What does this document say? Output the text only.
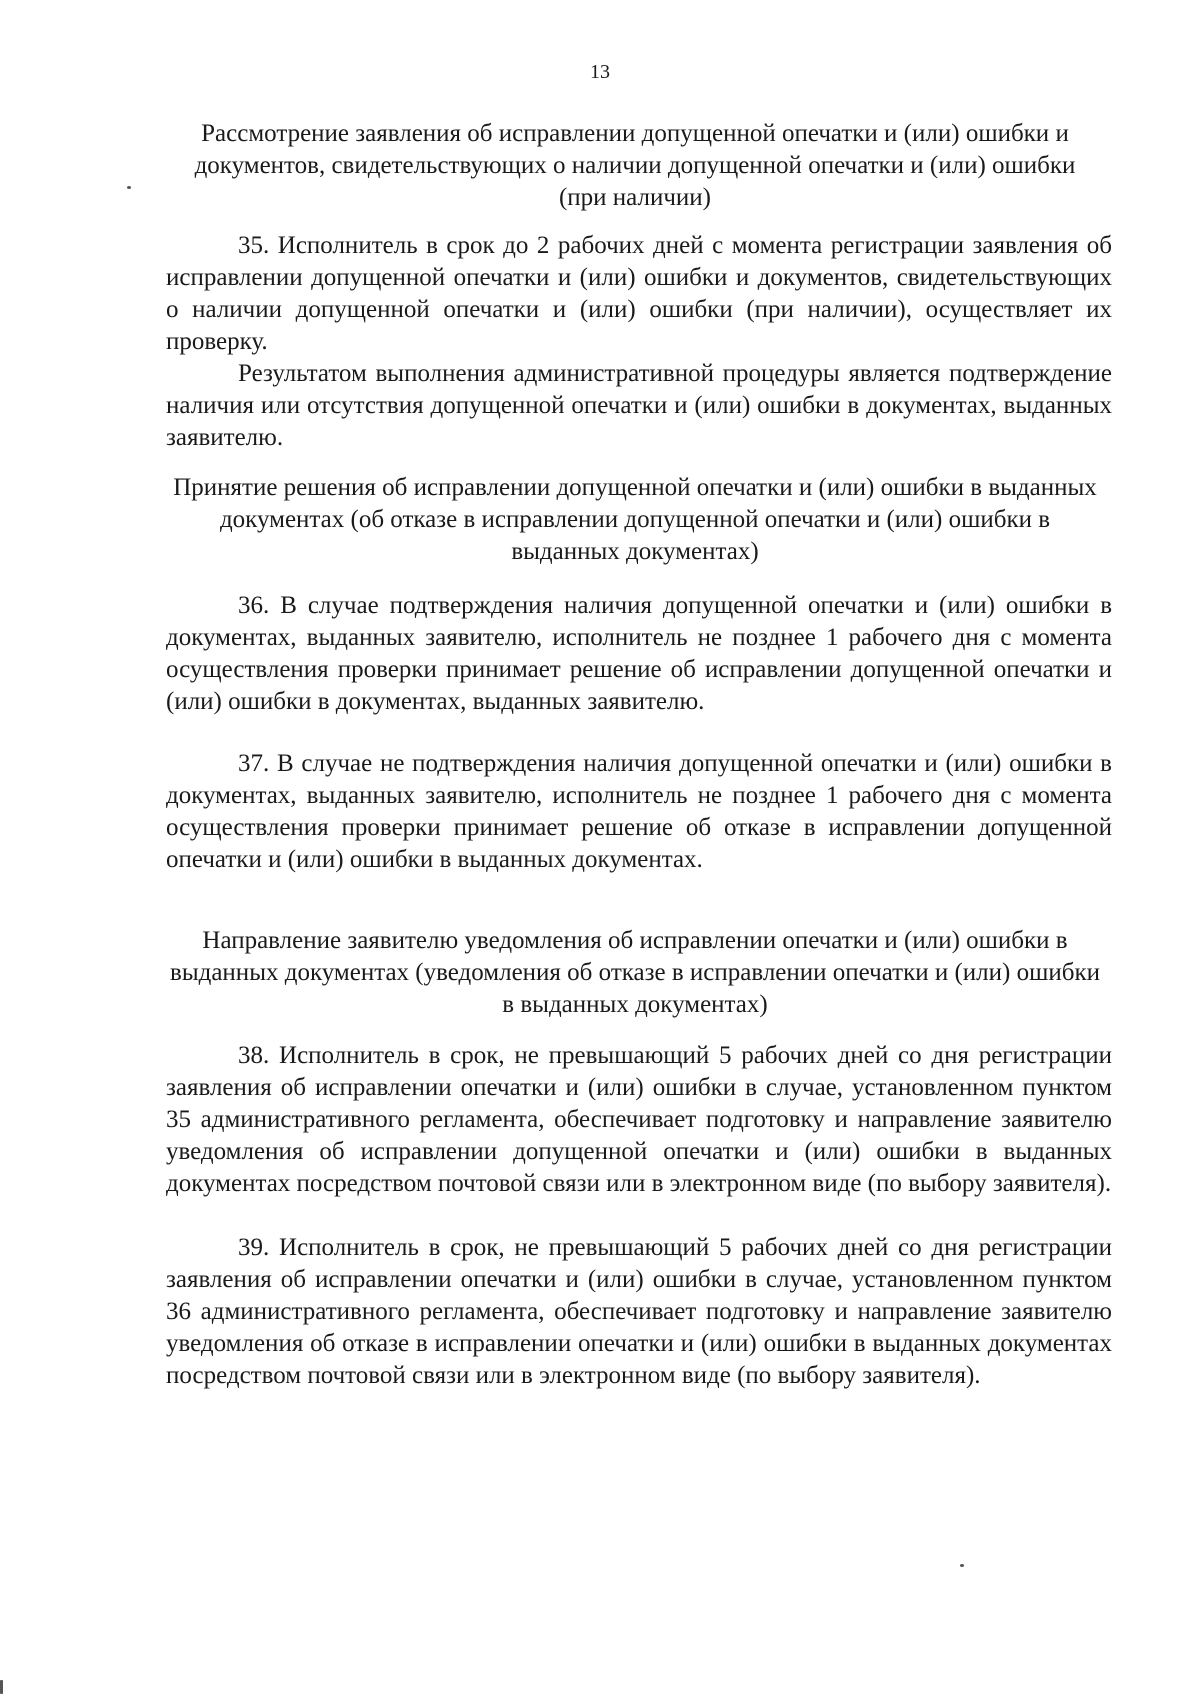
13
Рассмотрение заявления об исправлении допущенной опечатки и (или) ошибки и документов, свидетельствующих о наличии допущенной опечатки и (или) ошибки (при наличии)

35. Исполнитель в срок до 2 рабочих дней с момента регистрации заявления об исправлении допущенной опечатки и (или) ошибки и документов, свидетельствующих о наличии допущенной опечатки и (или) ошибки (при наличии), осуществляет их проверку.

Результатом выполнения административной процедуры является подтверждение наличия или отсутствия допущенной опечатки и (или) ошибки в документах, выданных заявителю.

Принятие решения об исправлении допущенной опечатки и (или) ошибки в выданных документах (об отказе в исправлении допущенной опечатки и (или) ошибки в выданных документах)

36. В случае подтверждения наличия допущенной опечатки и (или) ошибки в документах, выданных заявителю, исполнитель не позднее 1 рабочего дня с момента осуществления проверки принимает решение об исправлении допущенной опечатки и (или) ошибки в документах, выданных заявителю.

37. В случае не подтверждения наличия допущенной опечатки и (или) ошибки в документах, выданных заявителю, исполнитель не позднее 1 рабочего дня с момента осуществления проверки принимает решение об отказе в исправлении допущенной опечатки и (или) ошибки в выданных документах.

Направление заявителю уведомления об исправлении опечатки и (или) ошибки в выданных документах (уведомления об отказе в исправлении опечатки и (или) ошибки в выданных документах)

38. Исполнитель в срок, не превышающий 5 рабочих дней со дня регистрации заявления об исправлении опечатки и (или) ошибки в случае, установленном пунктом 35 административного регламента, обеспечивает подготовку и направление заявителю уведомления об исправлении допущенной опечатки и (или) ошибки в выданных документах посредством почтовой связи или в электронном виде (по выбору заявителя).

39. Исполнитель в срок, не превышающий 5 рабочих дней со дня регистрации заявления об исправлении опечатки и (или) ошибки в случае, установленном пунктом 36 административного регламента, обеспечивает подготовку и направление заявителю уведомления об отказе в исправлении опечатки и (или) ошибки в выданных документах посредством почтовой связи или в электронном виде (по выбору заявителя).
